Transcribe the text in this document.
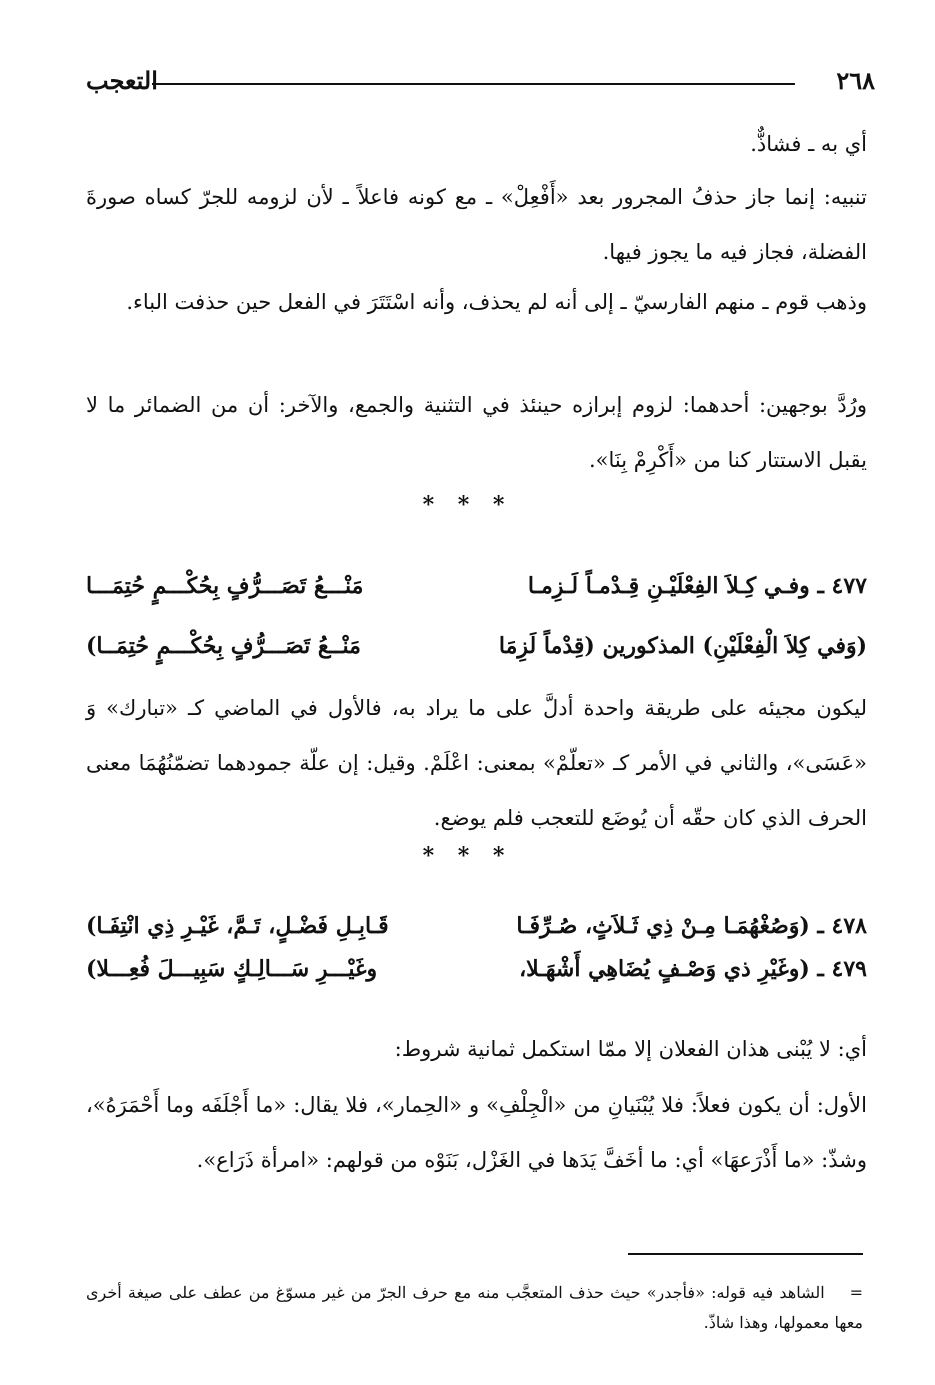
٢٦٨
التعجب
أي به ـ فشاذٌّ.
تنبيه: إنما جاز حذفُ المجرور بعد «أَفْعِلْ» ـ مع كونه فاعلاً ـ لأن لزومه للجرّ كساه صورةَ الفضلة، فجاز فيه ما يجوز فيها.
وذهب قوم ـ منهم الفارسيّ ـ إلى أنه لم يحذف، وأنه اسْتَتَرَ في الفعل حين حذفت الباء.
ورُدَّ بوجهين: أحدهما: لزوم إبرازه حينئذ في التثنية والجمع، والآخر: أن من الضمائر ما لا يقبل الاستتار كنا من «أَكْرِمْ بِنَا».
* * *
٤٧٧ ـ وفـي كِـلاَ الفِعْلَيْـنِ قِـدْمـاً لَـزِمـا
مَنْـــعُ تَصَـــرُّفٍ بِحُكْـــمٍ حُتِمَـــا
(وَفي كِلاَ الْفِعْلَيْنِ) المذكورين (قِدْماً لَزِمَا
مَنْــعُ تَصَـــرُّفٍ بِحُكْـــمٍ حُتِمَــا)
ليكون مجيئه على طريقة واحدة أدلَّ على ما يراد به، فالأول في الماضي كـ «تبارك» وَ «عَسَى»، والثاني في الأمر كـ «تعلّمْ» بمعنى: اعْلَمْ. وقيل: إن علّة جمودهما تضمّنُهُمَا معنى الحرف الذي كان حقّه أن يُوضَع للتعجب فلم يوضع.
* * *
٤٧٨ ـ (وَصُغْهُمَـا مِـنْ ذِي ثَـلاَثٍ، صُـرِّفَـا
قَـابِـلِ فَضْـلٍ، تَـمَّ، غَيْـرِ ذِي انْتِفَـا)
٤٧٩ ـ (وغَيْرِ ذي وَصْـفٍ يُضَاهِي أَشْهَـلا،
وغَيْـــرِ سَـــالِـكٍ سَبِيـــلَ فُعِـــلا)
أي: لا يُبْنى هذان الفعلان إلا ممّا استكمل ثمانية شروط:
الأول: أن يكون فعلاً: فلا يُبْنَيانِ من «الْجِلْفِ» و «الحِمار»، فلا يقال: «ما أَجْلَفَه وما أَحْمَرَهُ»، وشذّ: «ما أَذْرَعهَا» أي: ما أخَفَّ يَدَها في الغَزْل، بَنَوْه من قولهم: «امرأة ذَرَاع».
=    الشاهد فيه قوله: «فأجدر» حيث حذف المتعجَّب منه مع حرف الجرّ من غير مسوّغ من عطف على صيغة أخرى معها معمولها، وهذا شاذّ.
